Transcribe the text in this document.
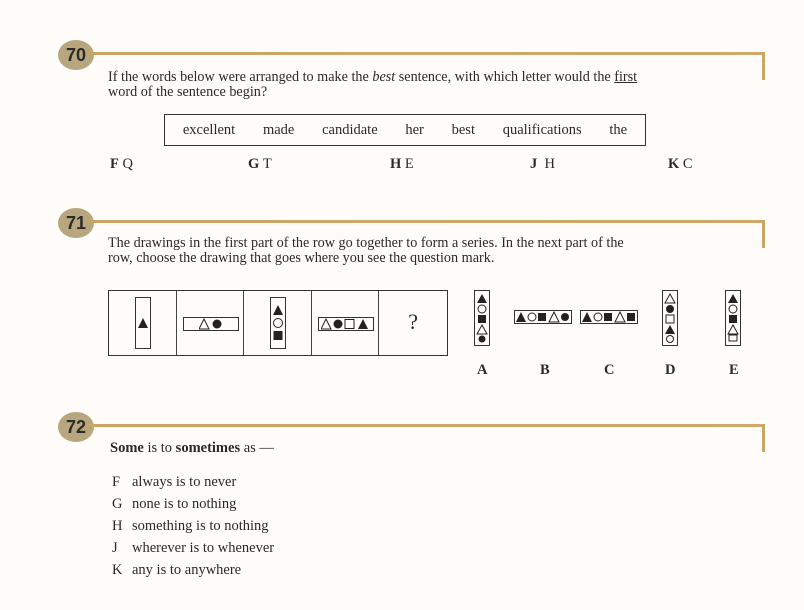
70
If the words below were arranged to make the best sentence, with which letter would the first
word of the sentence begin?
excellent made candidate her best qualifications the
F Q	G T	H E	J H	K C
71
The drawings in the first part of the row go together to form a series. In the next part of the
row, choose the drawing that goes where you see the question mark.
?
A	B	C	D	E
72
Some is to sometimes as —
F always is to never
G none is to nothing
H something is to nothing
J wherever is to whenever
K any is to anywhere
